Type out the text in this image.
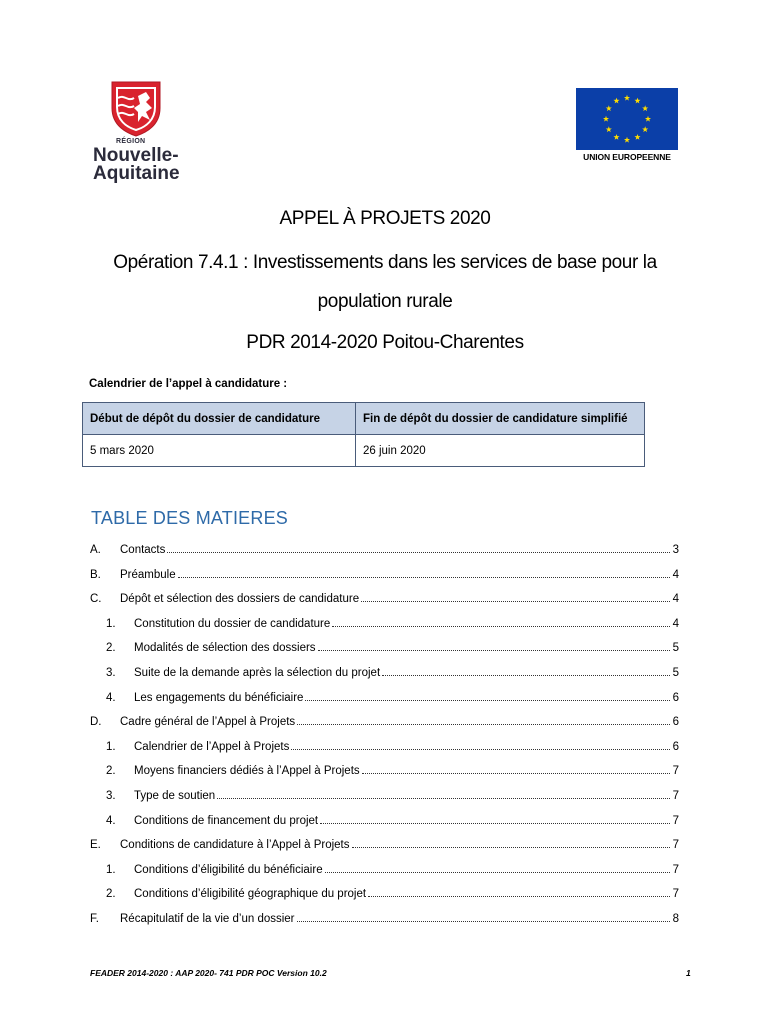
RÉGION
Nouvelle-
Aquitaine
UNION EUROPEENNE
APPEL À PROJETS 2020
Opération 7.4.1 : Investissements dans les services de base pour la
population rurale
PDR 2014-2020 Poitou-Charentes
Calendrier de l’appel à candidature :
Début de dépôt du dossier de candidature	Fin de dépôt du dossier de candidature simplifié
5 mars 2020	26 juin 2020
TABLE DES MATIERES
A.	Contacts	3
B.	Préambule	4
C.	Dépôt et sélection des dossiers de candidature	4
1.	Constitution du dossier de candidature	4
2.	Modalités de sélection des dossiers	5
3.	Suite de la demande après la sélection du projet	5
4.	Les engagements du bénéficiaire	6
D.	Cadre général de l’Appel à Projets	6
1.	Calendrier de l’Appel à Projets	6
2.	Moyens financiers dédiés à l’Appel à Projets	7
3.	Type de soutien	7
4.	Conditions de financement du projet	7
E.	Conditions de candidature à l’Appel à Projets	7
1.	Conditions d’éligibilité du bénéficiaire	7
2.	Conditions d’éligibilité géographique du projet	7
F.	Récapitulatif de la vie d’un dossier	8
FEADER 2014-2020 : AAP 2020- 741 PDR POC Version 10.2	1
